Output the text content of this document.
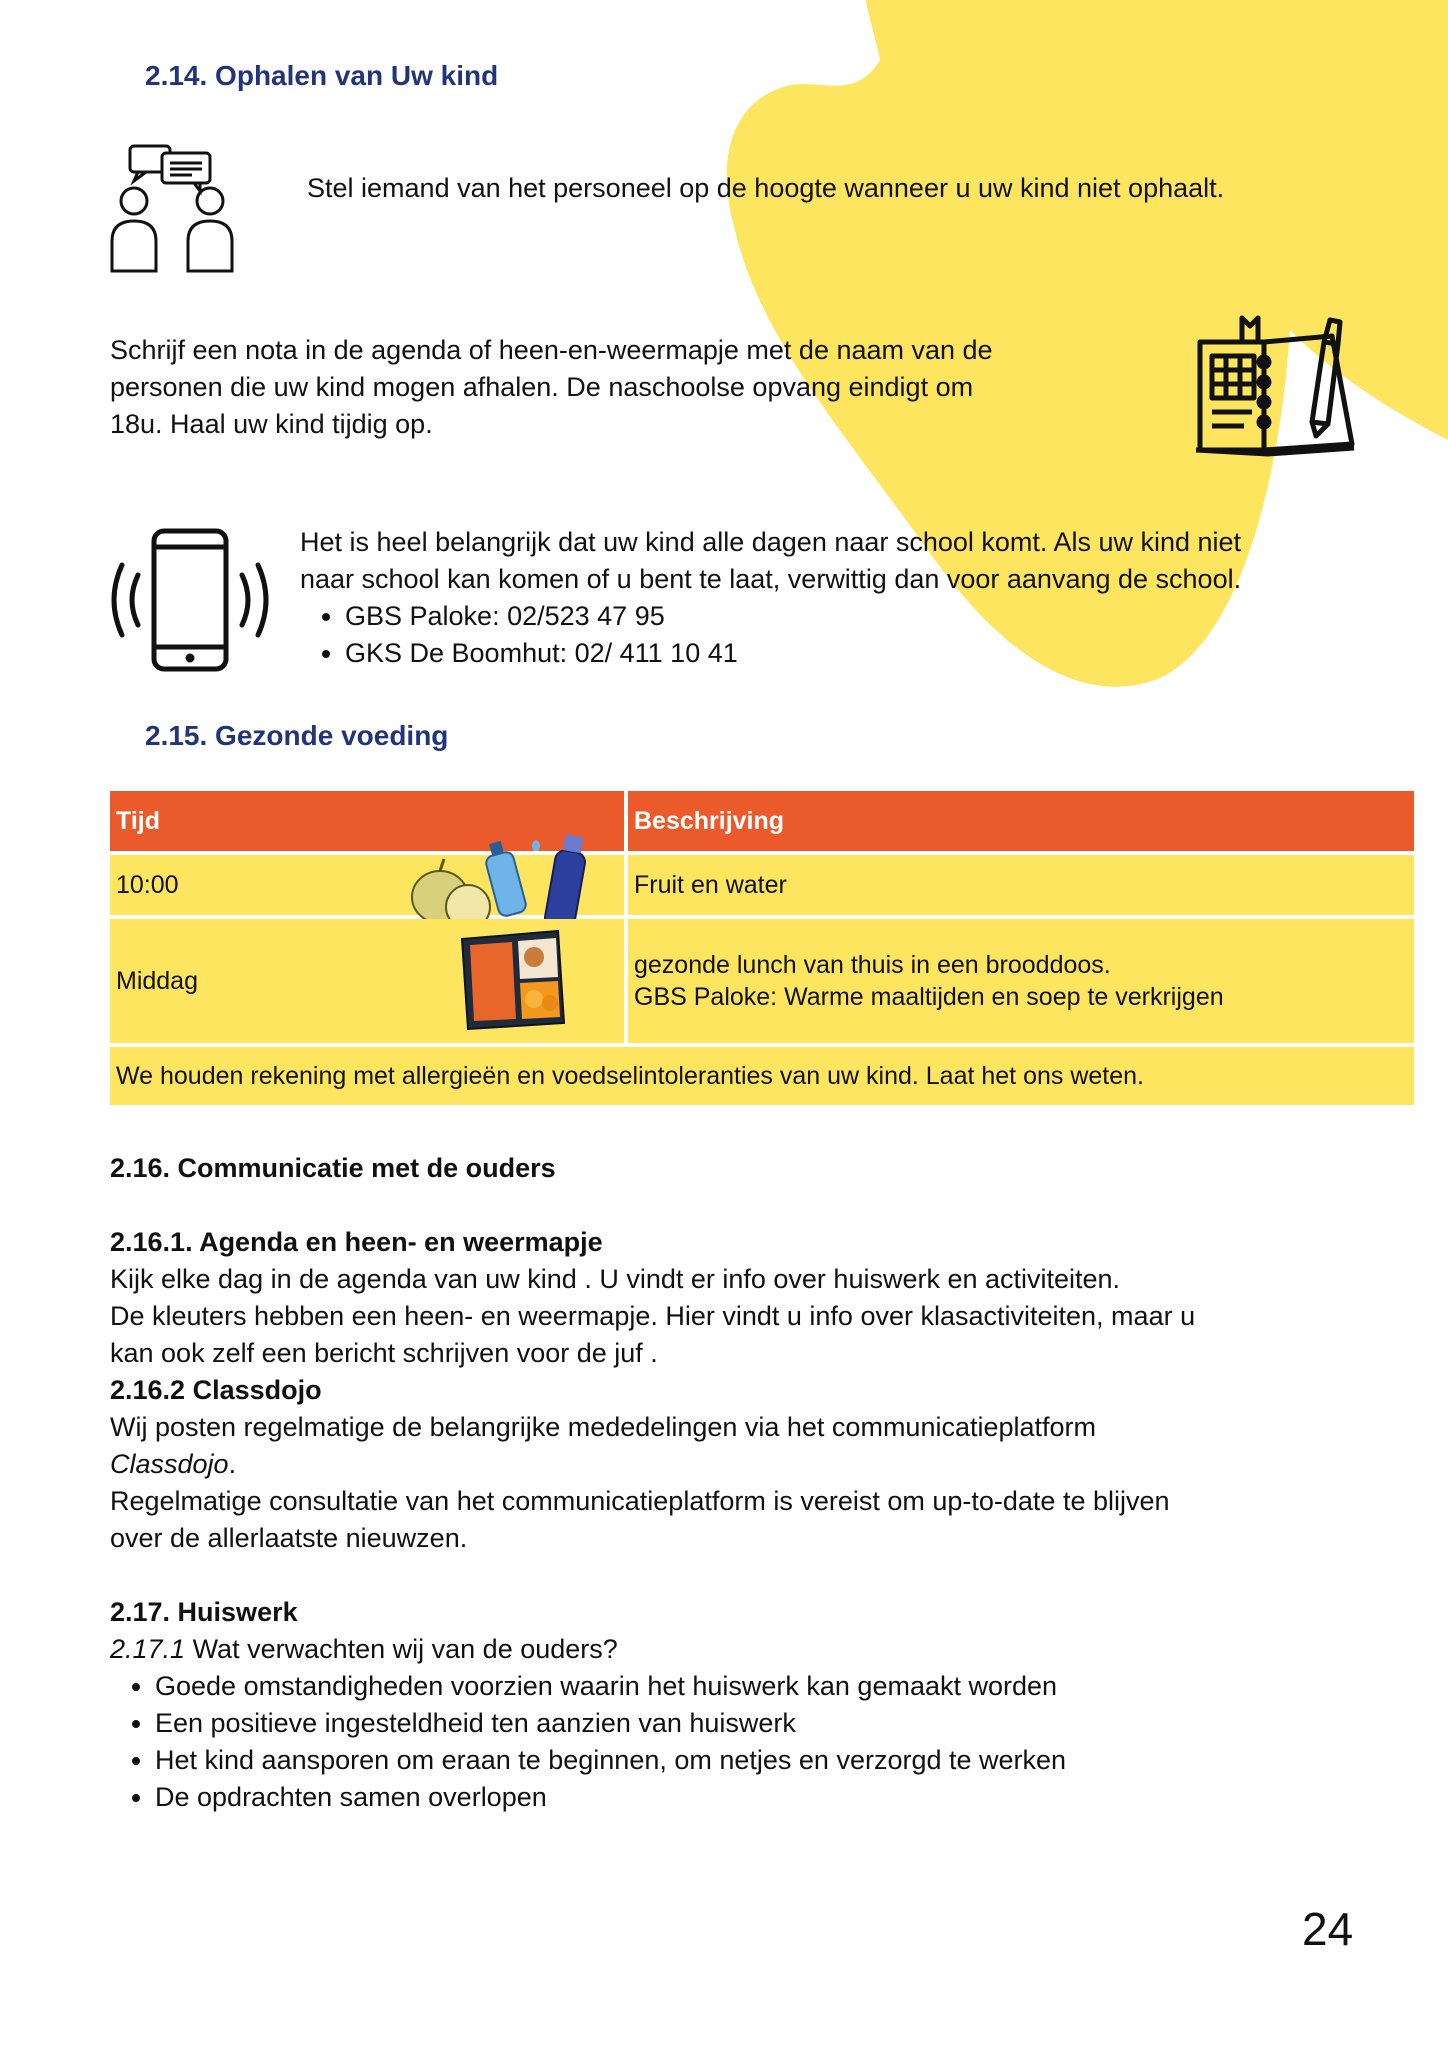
2.14. Ophalen van Uw kind
Stel iemand van het personeel op de hoogte wanneer u uw kind niet ophaalt.
Schrijf een nota in de agenda of heen-en-weermapje met de naam van de
personen die uw kind mogen afhalen. De naschoolse opvang eindigt om
18u. Haal uw kind tijdig op.
Het is heel belangrijk dat uw kind alle dagen naar school komt. Als uw kind niet
naar school kan komen of u bent te laat, verwittig dan voor aanvang de school.
• GBS Paloke: 02/523 47 95
• GKS De Boomhut: 02/ 411 10 41
2.15. Gezonde voeding
Tijd	Beschrijving
10:00	Fruit en water
Middag
gezonde lunch van thuis in een brooddoos.
GBS Paloke: Warme maaltijden en soep te verkrijgen
We houden rekening met allergieën en voedselintoleranties van uw kind. Laat het ons weten.
2.16. Communicatie met de ouders
2.16.1. Agenda en heen- en weermapje
Kijk elke dag in de agenda van uw kind . U vindt er info over huiswerk en activiteiten.
De kleuters hebben een heen- en weermapje. Hier vindt u info over klasactiviteiten, maar u
kan ook zelf een bericht schrijven voor de juf .
2.16.2 Classdojo
Wij posten regelmatige de belangrijke mededelingen via het communicatieplatform
Classdojo.
Regelmatige consultatie van het communicatieplatform is vereist om up-to-date te blijven
over de allerlaatste nieuwzen.
2.17. Huiswerk
2.17.1 Wat verwachten wij van de ouders?
• Goede omstandigheden voorzien waarin het huiswerk kan gemaakt worden
• Een positieve ingesteldheid ten aanzien van huiswerk
• Het kind aansporen om eraan te beginnen, om netjes en verzorgd te werken
• De opdrachten samen overlopen
24
